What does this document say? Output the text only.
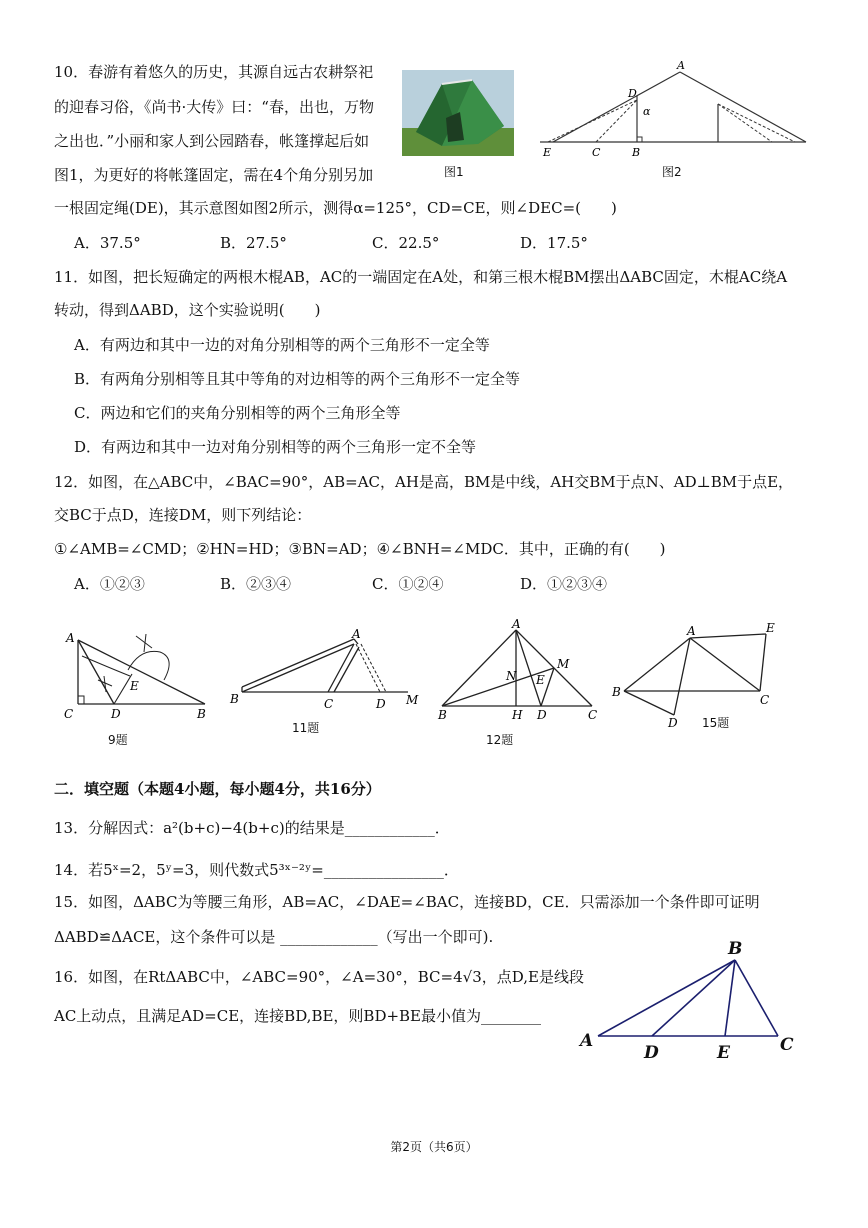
10．春游有着悠久的历史，其源自远古农耕祭祀
的迎春习俗，《尚书·大传》曰：“春，出也，万物
之出也．”小丽和家人到公园踏春，帐篷撑起后如
图1，为更好的将帐篷固定，需在4个角分别另加
一根固定绳(DE)，其示意图如图2所示，测得α=125°，CD=CE，则∠DEC=(　　)
A．37.5°	B．27.5°	C．22.5°	D．17.5°
图1
A
D
α
E	C	B
图2
11．如图，把长短确定的两根木棍AB，AC的一端固定在A处，和第三根木棍BM摆出ΔABC固定，木棍AC绕A
转动，得到ΔABD，这个实验说明(　　)
A．有两边和其中一边的对角分别相等的两个三角形不一定全等
B．有两角分别相等且其中等角的对边相等的两个三角形不一定全等
C．两边和它们的夹角分别相等的两个三角形全等
D．有两边和其中一边对角分别相等的两个三角形一定不全等
12．如图，在△ABC中，∠BAC=90°，AB=AC，AH是高，BM是中线，AH交BM于点N、AD⊥BM于点E，
交BC于点D，连接DM，则下列结论：
①∠AMB=∠CMD；②HN=HD；③BN=AD；④∠BNH=∠MDC．其中，正确的有(　　)
A．①②③	B．②③④	C．①②④	D．①②③④
A
C	D
E
B
9题
A
B	C	D M
11题
A
M
N E
B	H D	C
12题
A	E
B
C
D 15题
二．填空题（本题4小题，每小题4分，共16分）
13．分解因式：a²(b+c)−4(b+c)的结果是____________．
14．若5ˣ=2，5ʸ=3，则代数式5³ˣ⁻²ʸ=________________．
15．如图，ΔABC为等腰三角形，AB=AC，∠DAE=∠BAC，连接BD，CE．只需添加一个条件即可证明
ΔABD≌ΔACE，这个条件可以是 _____________（写出一个即可).
16．如图，在RtΔABC中，∠ABC=90°，∠A=30°，BC=4√3，点D,E是线段
AC上动点，且满足AD=CE，连接BD,BE，则BD+BE最小值为________
B
A
D	E	C
第2页（共6页）
